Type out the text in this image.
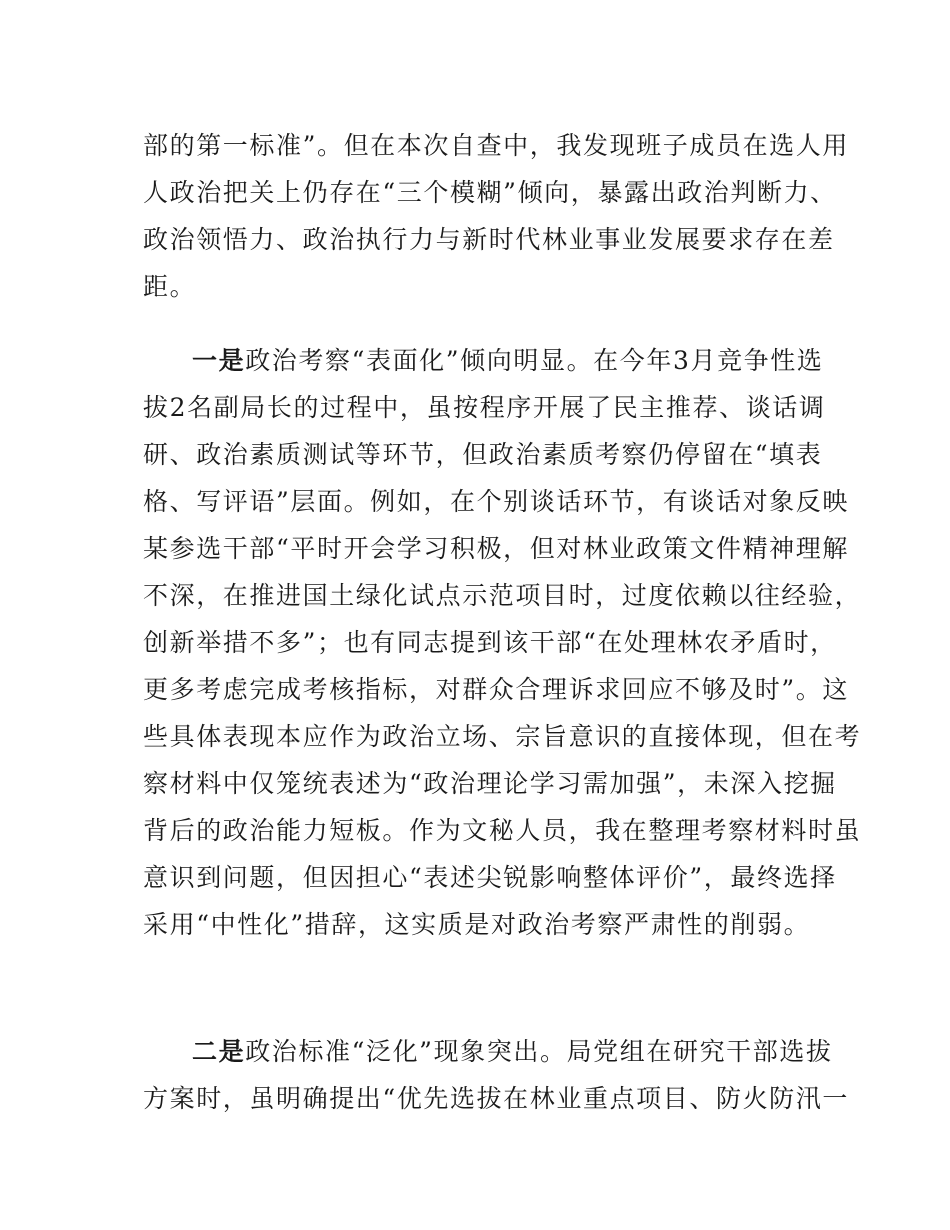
部的第一标准”。但在本次自查中，我发现班子成员在选人用
人政治把关上仍存在“三个模糊”倾向，暴露出政治判断力、
政治领悟力、政治执行力与新时代林业事业发展要求存在差
距。
一是政治考察“表面化”倾向明显。在今年3月竞争性选
拔2名副局长的过程中，虽按程序开展了民主推荐、谈话调
研、政治素质测试等环节，但政治素质考察仍停留在“填表
格、写评语”层面。例如，在个别谈话环节，有谈话对象反映
某参选干部“平时开会学习积极，但对林业政策文件精神理解
不深，在推进国土绿化试点示范项目时，过度依赖以往经验，
创新举措不多”；也有同志提到该干部“在处理林农矛盾时，
更多考虑完成考核指标，对群众合理诉求回应不够及时”。这
些具体表现本应作为政治立场、宗旨意识的直接体现，但在考
察材料中仅笼统表述为“政治理论学习需加强”，未深入挖掘
背后的政治能力短板。作为文秘人员，我在整理考察材料时虽
意识到问题，但因担心“表述尖锐影响整体评价”，最终选择
采用“中性化”措辞，这实质是对政治考察严肃性的削弱。
二是政治标准“泛化”现象突出。局党组在研究干部选拔
方案时，虽明确提出“优先选拔在林业重点项目、防火防汛一
